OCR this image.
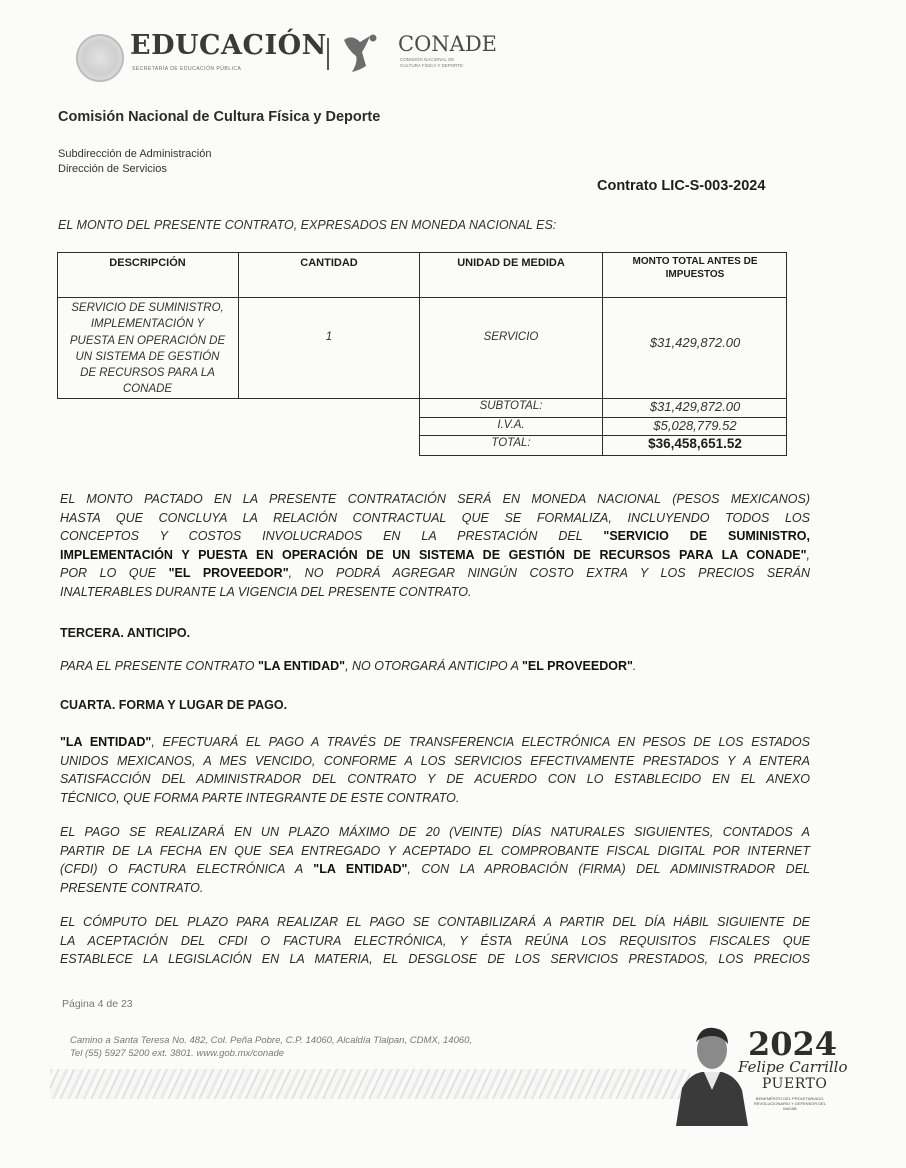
EDUCACIÓN
SECRETARÍA DE EDUCACIÓN PÚBLICA
CONADE
COMISIÓN NACIONAL DE CULTURA FÍSICA Y DEPORTE
Comisión Nacional de Cultura Física y Deporte
Subdirección de Administración
Dirección de Servicios
Contrato LIC-S-003-2024
EL MONTO DEL PRESENTE CONTRATO, EXPRESADOS EN MONEDA NACIONAL ES:
DESCRIPCIÓN	CANTIDAD	UNIDAD DE MEDIDA	MONTO TOTAL ANTES DE IMPUESTOS
SERVICIO DE SUMINISTRO,
IMPLEMENTACIÓN Y
PUESTA EN OPERACIÓN DE
UN SISTEMA DE GESTIÓN
DE RECURSOS PARA LA
CONADE
1	SERVICIO	$31,429,872.00
SUBTOTAL:	$31,429,872.00
I.V.A.	$5,028,779.52
TOTAL:	$36,458,651.52
EL MONTO PACTADO EN LA PRESENTE CONTRATACIÓN SERÁ EN MONEDA NACIONAL (PESOS MEXICANOS)
HASTA QUE CONCLUYA LA RELACIÓN CONTRACTUAL QUE SE FORMALIZA, INCLUYENDO TODOS LOS
CONCEPTOS Y COSTOS INVOLUCRADOS EN LA PRESTACIÓN DEL "SERVICIO DE SUMINISTRO,
IMPLEMENTACIÓN Y PUESTA EN OPERACIÓN DE UN SISTEMA DE GESTIÓN DE RECURSOS PARA LA CONADE",
POR LO QUE "EL PROVEEDOR", NO PODRÁ AGREGAR NINGÚN COSTO EXTRA Y LOS PRECIOS SERÁN
INALTERABLES DURANTE LA VIGENCIA DEL PRESENTE CONTRATO.
TERCERA. ANTICIPO.
PARA EL PRESENTE CONTRATO "LA ENTIDAD", NO OTORGARÁ ANTICIPO A "EL PROVEEDOR".
CUARTA. FORMA Y LUGAR DE PAGO.
"LA ENTIDAD", EFECTUARÁ EL PAGO A TRAVÉS DE TRANSFERENCIA ELECTRÓNICA EN PESOS DE LOS ESTADOS
UNIDOS MEXICANOS, A MES VENCIDO, CONFORME A LOS SERVICIOS EFECTIVAMENTE PRESTADOS Y A ENTERA
SATISFACCIÓN DEL ADMINISTRADOR DEL CONTRATO Y DE ACUERDO CON LO ESTABLECIDO EN EL ANEXO
TÉCNICO, QUE FORMA PARTE INTEGRANTE DE ESTE CONTRATO.
EL PAGO SE REALIZARÁ EN UN PLAZO MÁXIMO DE 20 (VEINTE) DÍAS NATURALES SIGUIENTES, CONTADOS A
PARTIR DE LA FECHA EN QUE SEA ENTREGADO Y ACEPTADO EL COMPROBANTE FISCAL DIGITAL POR INTERNET
(CFDI) O FACTURA ELECTRÓNICA A "LA ENTIDAD", CON LA APROBACIÓN (FIRMA) DEL ADMINISTRADOR DEL
PRESENTE CONTRATO.
EL CÓMPUTO DEL PLAZO PARA REALIZAR EL PAGO SE CONTABILIZARÁ A PARTIR DEL DÍA HÁBIL SIGUIENTE DE
LA ACEPTACIÓN DEL CFDI O FACTURA ELECTRÓNICA, Y ÉSTA REÚNA LOS REQUISITOS FISCALES QUE
ESTABLECE LA LEGISLACIÓN EN LA MATERIA, EL DESGLOSE DE LOS SERVICIOS PRESTADOS, LOS PRECIOS
Página 4 de 23
Camino a Santa Teresa No. 482, Col. Peña Pobre, C.P. 14060, Alcaldía Tlalpan, CDMX, 14060,
Tel (55) 5927 5200 ext. 3801. www.gob.mx/conade	2024
Felipe Carrillo
PUERTO
BENEMÉRITO DEL PROLETARIADO, REVOLUCIONARIO Y DEFENSOR DEL MAYAB
